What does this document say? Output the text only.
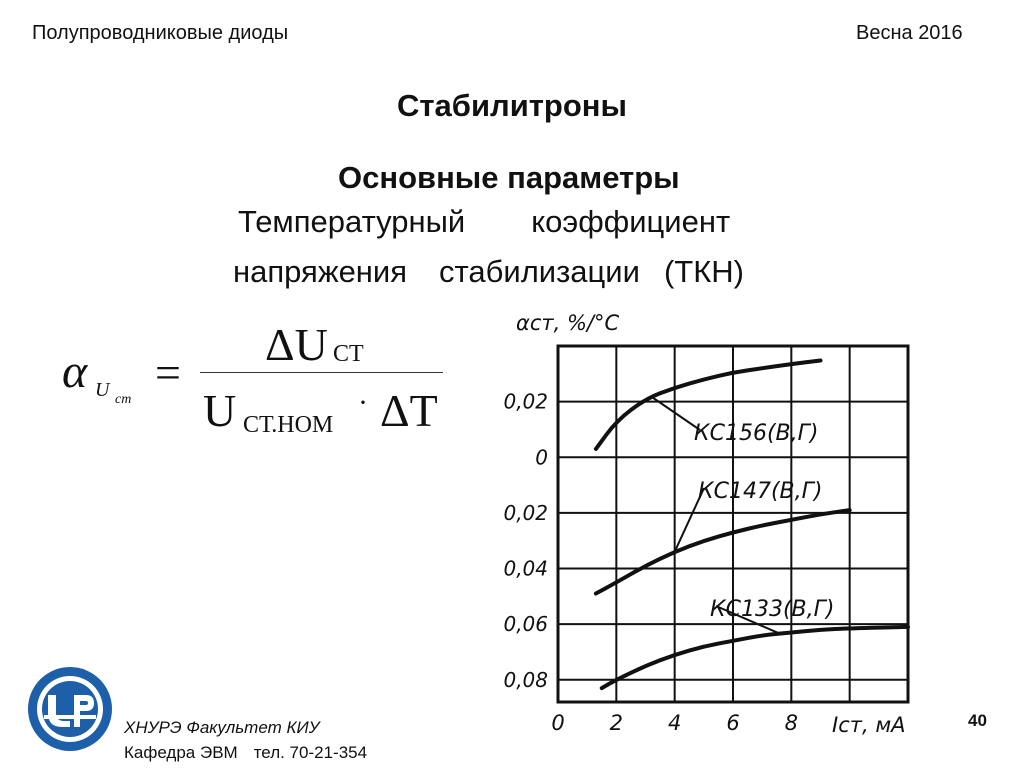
Полупроводниковые диоды	Весна 2016
Стабилитроны
Основные параметры
Температурный коэффициент
напряжения стабилизации (ТКН)
α U ст
=
ΔU СТ
U СТ.НОМ
· ΔT
αст, %/°C
Iст, мА
0 2 4 6 8
0,02
0
0,02
0,04
0,06
0,08
КС156(В,Г)
КС147(В,Г)
КС133(В,Г)
ХНУРЭ Факультет КИУ
Кафедра ЭВМ тел. 70-21-354
40
